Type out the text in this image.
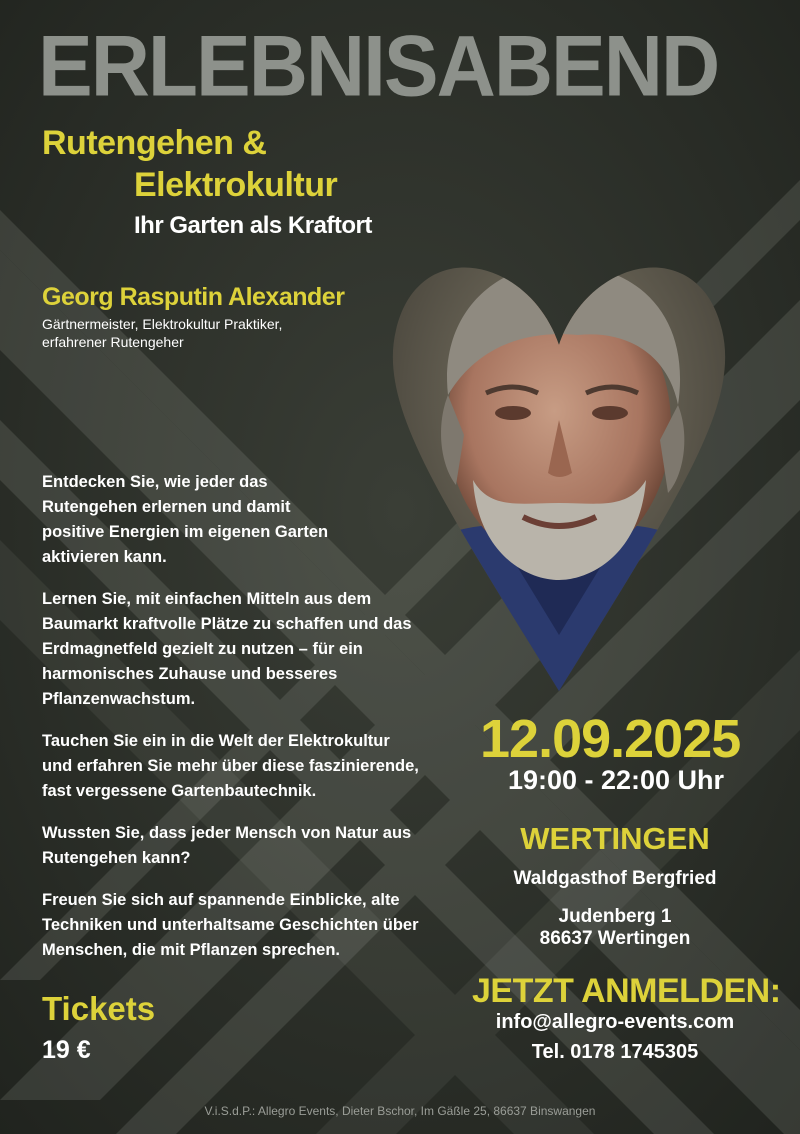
ERLEBNISABEND
Rutengehen &
Elektrokultur
Ihr Garten als Kraftort
Georg Rasputin Alexander
Gärtnermeister, Elektrokultur Praktiker,
erfahrener Rutengeher

Entdecken Sie, wie jeder das
Rutengehen erlernen und damit
positive Energien im eigenen Garten
aktivieren kann.

Lernen Sie, mit einfachen Mitteln aus dem
Baumarkt kraftvolle Plätze zu schaffen und das
Erdmagnetfeld gezielt zu nutzen – für ein
harmonisches Zuhause und besseres
Pflanzenwachstum.

Tauchen Sie ein in die Welt der Elektrokultur
und erfahren Sie mehr über diese faszinierende,
fast vergessene Gartenbautechnik.

Wussten Sie, dass jeder Mensch von Natur aus
Rutengehen kann?

Freuen Sie sich auf spannende Einblicke, alte
Techniken und unterhaltsame Geschichten über
Menschen, die mit Pflanzen sprechen.

12.09.2025
19:00 - 22:00 Uhr
WERTINGEN
Waldgasthof Bergfried
Judenberg 1
86637 Wertingen
JETZT ANMELDEN:
info@allegro-events.com
Tel. 0178 1745305
Tickets
19 €
V.i.S.d.P.: Allegro Events, Dieter Bschor, Im Gäßle 25, 86637 Binswangen
